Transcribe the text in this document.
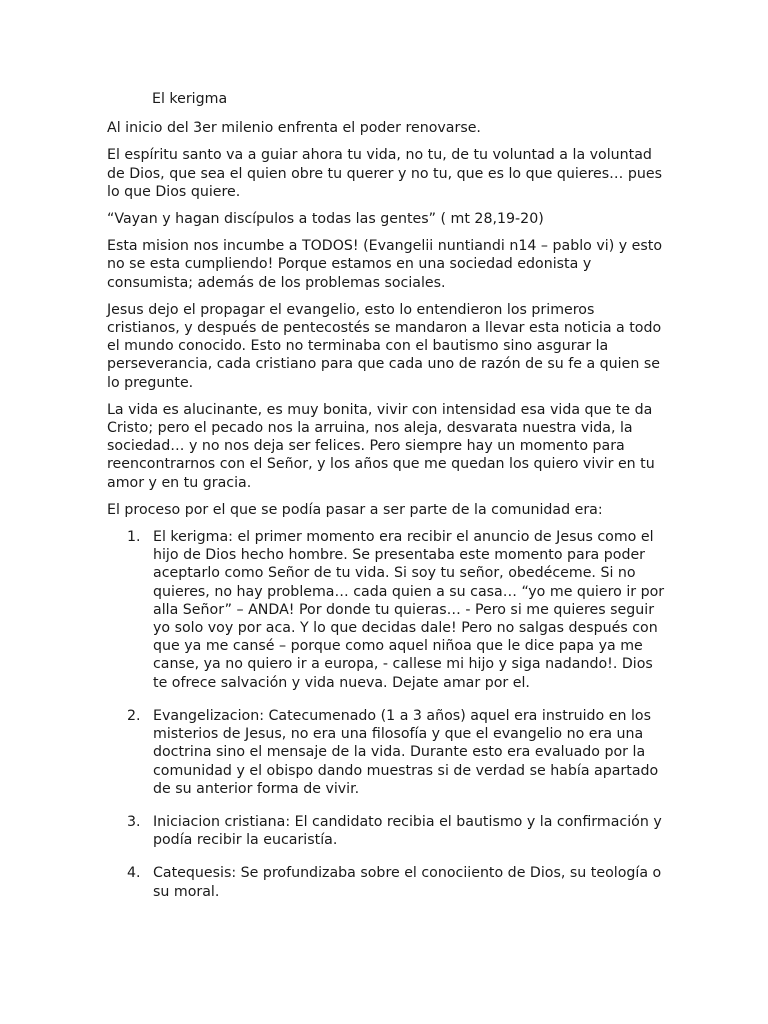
El kerigma

Al inicio del 3er milenio enfrenta el poder renovarse.

El espíritu santo va a guiar ahora tu vida, no tu, de tu voluntad a la voluntad de Dios, que sea el quien obre tu querer y no tu, que es lo que quieres… pues lo que Dios quiere.

“Vayan y hagan discípulos a todas las gentes” ( mt 28,19-20)

Esta mision nos incumbe a TODOS! (Evangelii nuntiandi n14 – pablo vi) y esto no se esta cumpliendo! Porque estamos en una sociedad edonista y consumista; además de los problemas sociales.

Jesus dejo el propagar el evangelio, esto lo entendieron los primeros cristianos, y después de pentecostés se mandaron a llevar esta noticia a todo el mundo conocido. Esto no terminaba con el bautismo sino asgurar la perseverancia, cada cristiano para que cada uno de razón de su fe a quien se lo pregunte.

La vida es alucinante, es muy bonita, vivir con intensidad esa vida que te da Cristo; pero el pecado nos la arruina, nos aleja, desvarata nuestra vida, la sociedad… y no nos deja ser felices. Pero siempre hay un momento para reencontrarnos con el Señor, y los años que me quedan los quiero vivir en tu amor y en tu gracia.

El proceso por el que se podía pasar a ser parte de la comunidad era:

1. El kerigma: el primer momento era recibir el anuncio de Jesus como el hijo de Dios hecho hombre. Se presentaba este momento para poder aceptarlo como Señor de tu vida. Si soy tu señor, obedéceme. Si no quieres, no hay problema… cada quien a su casa… “yo me quiero ir por alla Señor” – ANDA! Por donde tu quieras… - Pero si me quieres seguir yo solo voy por aca. Y lo que decidas dale! Pero no salgas después con que ya me cansé – porque como aquel niñoa que le dice papa ya me canse, ya no quiero ir a europa, - callese mi hijo y siga nadando!. Dios te ofrece salvación y vida nueva. Dejate amar por el.
2. Evangelizacion: Catecumenado (1 a 3 años) aquel era instruido en los misterios de Jesus, no era una filosofía y que el evangelio no era una doctrina sino el mensaje de la vida. Durante esto era evaluado por la comunidad y el obispo dando muestras si de verdad se había apartado de su anterior forma de vivir.
3. Iniciacion cristiana: El candidato recibia el bautismo y la confirmación y podía recibir la eucaristía.
4. Catequesis: Se profundizaba sobre el conociiento de Dios, su teología o su moral.
